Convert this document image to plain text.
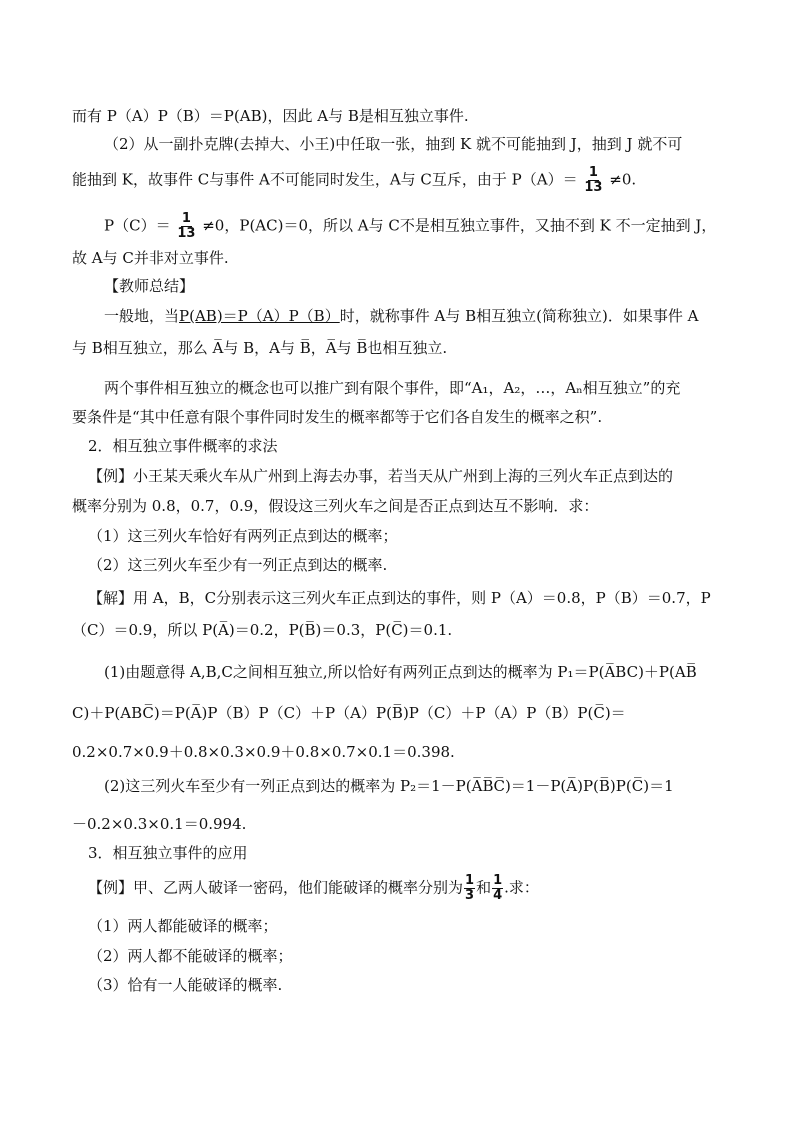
而有 P（A）P（B）＝P(AB)，因此 A与 B是相互独立事件.
（2）从一副扑克牌(去掉大、小王)中任取一张，抽到 K 就不可能抽到 J，抽到 J 就不可
能抽到 K，故事件 C与事件 A不可能同时发生，A与 C互斥，由于 $P(A)= \frac{1}{13} \ne 0$.
$P(C)= \frac{1}{13} \ne 0$，P(AC)＝0，所以 A与 C不是相互独立事件，又抽不到 K 不一定抽到 J，
故 A与 C并非对立事件.
【教师总结】
一般地，当P(AB)＝P（A）P（B）时，就称事件 A与 B相互独立(简称独立)．如果事件 A
与 B相互独立，那么 A̅与 B，A与 B̅，A̅与 B̅也相互独立.
两个事件相互独立的概念也可以推广到有限个事件，即“A₁，A₂，…，Aₙ相互独立”的充
要条件是“其中任意有限个事件同时发生的概率都等于它们各自发生的概率之积”.
2．相互独立事件概率的求法
【例】小王某天乘火车从广州到上海去办事，若当天从广州到上海的三列火车正点到达的
概率分别为 0.8，0.7，0.9，假设这三列火车之间是否正点到达互不影响．求：
（1）这三列火车恰好有两列正点到达的概率；
（2）这三列火车至少有一列正点到达的概率.
【解】用 A，B，C分别表示这三列火车正点到达的事件，则 P（A）＝0.8，P（B）＝0.7，P
（C）＝0.9，所以 P(A̅)＝0.2，P(B̅)＝0.3，P(C̅)＝0.1.
(1)由题意得 A,B,C之间相互独立,所以恰好有两列正点到达的概率为 P₁＝P(A̅BC)＋P(AB̅
C)＋P(ABC̅)＝P(A̅)P（B）P（C）＋P（A）P(B̅)P（C）＋P（A）P（B）P(C̅)＝
0.2×0.7×0.9＋0.8×0.3×0.9＋0.8×0.7×0.1＝0.398.
(2)这三列火车至少有一列正点到达的概率为 P₂＝1－P(A̅B̅C̅)＝1－P(A̅)P(B̅)P(C̅)＝1
－0.2×0.3×0.1＝0.994.
3．相互独立事件的应用
【例】甲、乙两人破译一密码，他们能破译的概率分别为 $\frac{1}{3}$ 和 $\frac{1}{4}$ .求：
（1）两人都能破译的概率；
（2）两人都不能破译的概率；
（3）恰有一人能破译的概率.
